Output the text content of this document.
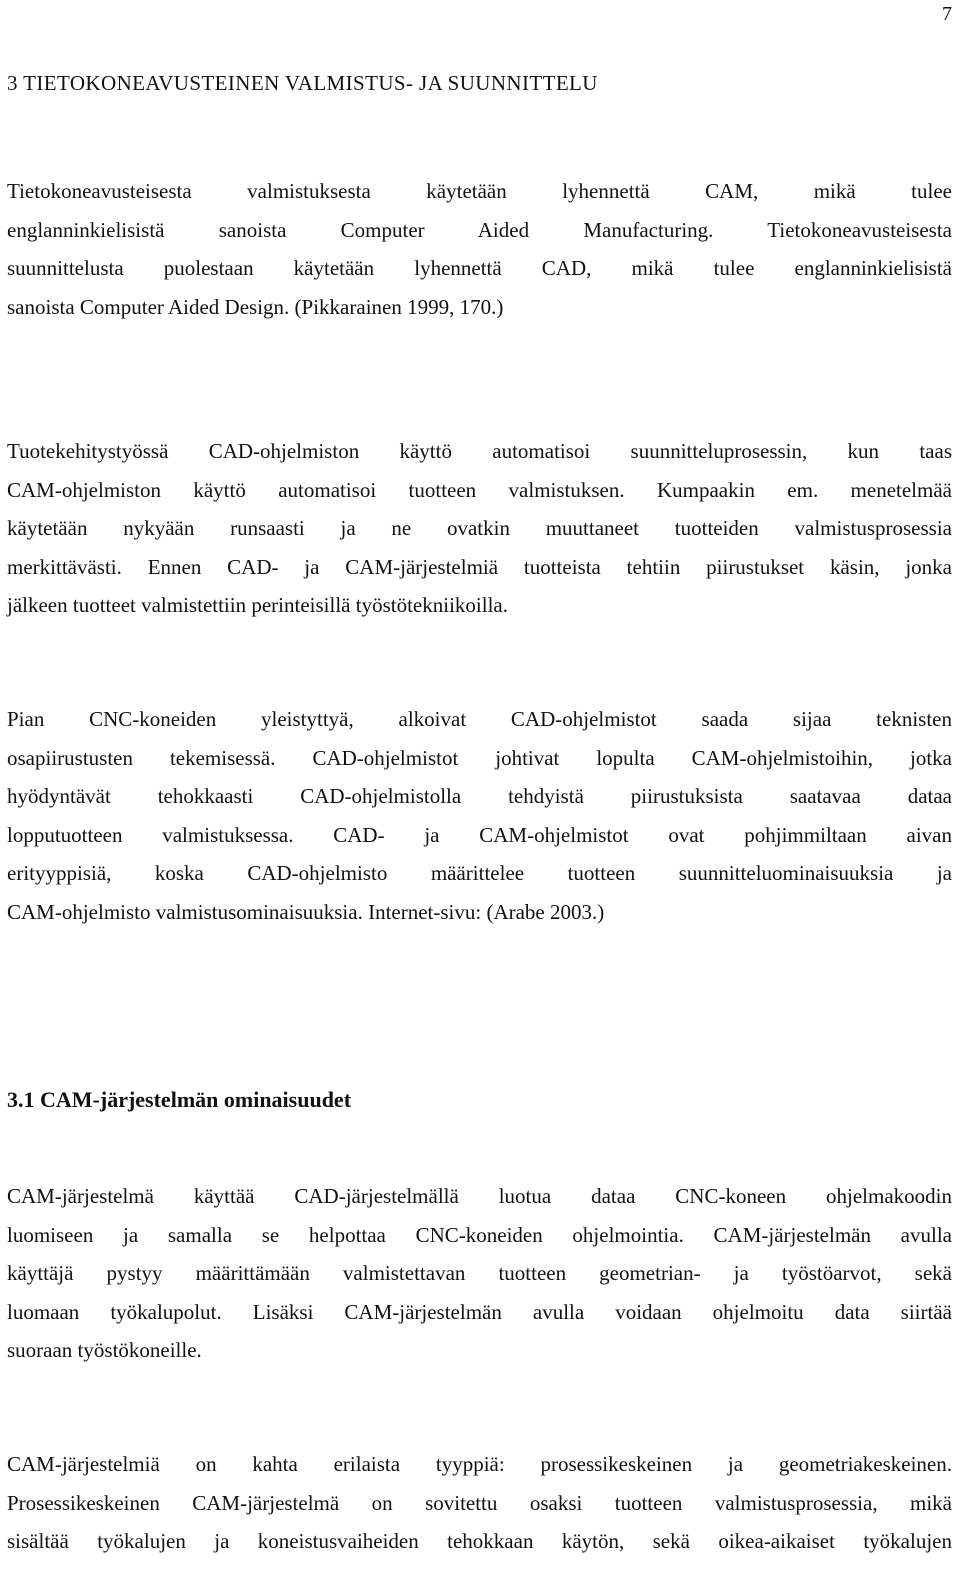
7
3 TIETOKONEAVUSTEINEN VALMISTUS- JA SUUNNITTELU
Tietokoneavusteisesta valmistuksesta käytetään lyhennettä CAM, mikä tulee
englanninkielisistä sanoista Computer Aided Manufacturing. Tietokoneavusteisesta
suunnittelusta puolestaan käytetään lyhennettä CAD, mikä tulee englanninkielisistä
sanoista Computer Aided Design. (Pikkarainen 1999, 170.)
Tuotekehitystyössä CAD-ohjelmiston käyttö automatisoi suunnitteluprosessin, kun taas
CAM-ohjelmiston käyttö automatisoi tuotteen valmistuksen. Kumpaakin em. menetelmää
käytetään nykyään runsaasti ja ne ovatkin muuttaneet tuotteiden valmistusprosessia
merkittävästi. Ennen CAD- ja CAM-järjestelmiä tuotteista tehtiin piirustukset käsin, jonka
jälkeen tuotteet valmistettiin perinteisillä työstötekniikoilla.
Pian CNC-koneiden yleistyttyä, alkoivat CAD-ohjelmistot saada sijaa teknisten
osapiirustusten tekemisessä. CAD-ohjelmistot johtivat lopulta CAM-ohjelmistoihin, jotka
hyödyntävät tehokkaasti CAD-ohjelmistolla tehdyistä piirustuksista saatavaa dataa
lopputuotteen valmistuksessa. CAD- ja CAM-ohjelmistot ovat pohjimmiltaan aivan
erityyppisiä, koska CAD-ohjelmisto määrittelee tuotteen suunnitteluominaisuuksia ja
CAM-ohjelmisto valmistusominaisuuksia. Internet-sivu: (Arabe 2003.)
3.1 CAM-järjestelmän ominaisuudet
CAM-järjestelmä käyttää CAD-järjestelmällä luotua dataa CNC-koneen ohjelmakoodin
luomiseen ja samalla se helpottaa CNC-koneiden ohjelmointia. CAM-järjestelmän avulla
käyttäjä pystyy määrittämään valmistettavan tuotteen geometrian- ja työstöarvot, sekä
luomaan työkalupolut. Lisäksi CAM-järjestelmän avulla voidaan ohjelmoitu data siirtää
suoraan työstökoneille.
CAM-järjestelmiä on kahta erilaista tyyppiä: prosessikeskeinen ja geometriakeskeinen.
Prosessikeskeinen CAM-järjestelmä on sovitettu osaksi tuotteen valmistusprosessia, mikä
sisältää työkalujen ja koneistusvaiheiden tehokkaan käytön, sekä oikea-aikaiset työkalujen
